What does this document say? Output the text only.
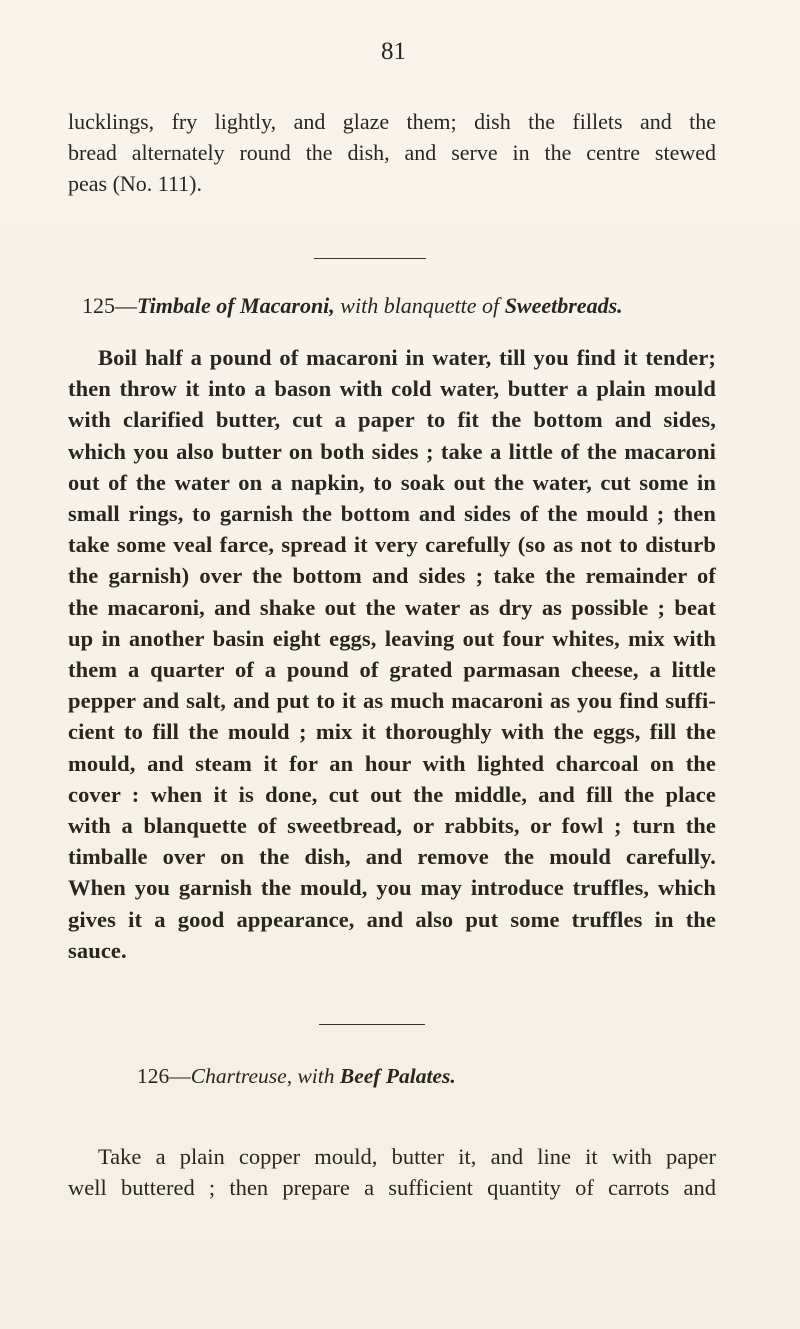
81

lucklings, fry lightly, and glaze them; dish the fillets and the
bread alternately round the dish, and serve in the centre stewed
peas (No. 111).

125—Timbale of Macaroni, with blanquette of Sweetbreads.

Boil half a pound of macaroni in water, till you find it tender;
then throw it into a bason with cold water, butter a plain mould
with clarified butter, cut a paper to fit the bottom and sides,
which you also butter on both sides ; take a little of the macaroni
out of the water on a napkin, to soak out the water, cut some in
small rings, to garnish the bottom and sides of the mould ; then
take some veal farce, spread it very carefully (so as not to disturb
the garnish) over the bottom and sides ; take the remainder of
the macaroni, and shake out the water as dry as possible ; beat
up in another basin eight eggs, leaving out four whites, mix with
them a quarter of a pound of grated parmasan cheese, a little
pepper and salt, and put to it as much macaroni as you find suffi-
cient to fill the mould ; mix it thoroughly with the eggs, fill the
mould, and steam it for an hour with lighted charcoal on the
cover : when it is done, cut out the middle, and fill the place
with a blanquette of sweetbread, or rabbits, or fowl ; turn the
timballe over on the dish, and remove the mould carefully.
When you garnish the mould, you may introduce truffles, which
gives it a good appearance, and also put some truffles in the
sauce.

126—Chartreuse, with Beef Palates.

Take a plain copper mould, butter it, and line it with paper
well buttered ; then prepare a sufficient quantity of carrots and
